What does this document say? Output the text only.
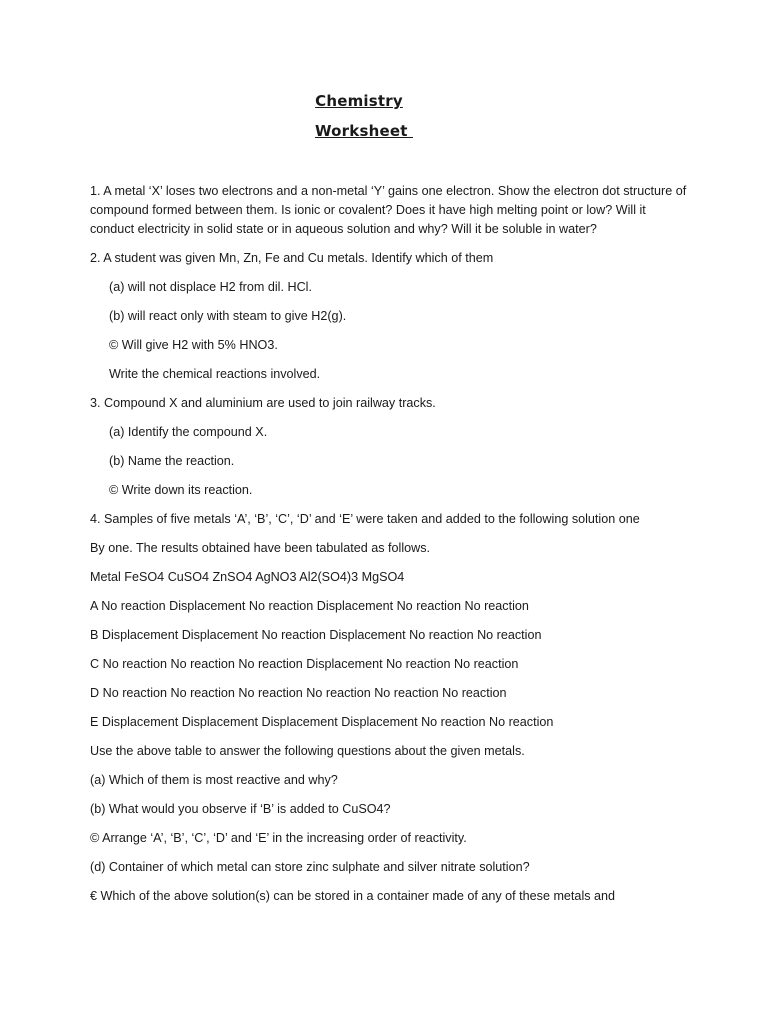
Chemistry
Worksheet

1. A metal ‘X’ loses two electrons and a non-metal ‘Y’ gains one electron. Show the electron dot structure of compound formed between them. Is ionic or covalent? Does it have high melting point or low? Will it conduct electricity in solid state or in aqueous solution and why? Will it be soluble in water?

2. A student was given Mn, Zn, Fe and Cu metals. Identify which of them
(a) will not displace H2 from dil. HCl.
(b) will react only with steam to give H2(g).
© Will give H2 with 5% HNO3.
Write the chemical reactions involved.
3. Compound X and aluminium are used to join railway tracks.
(a) Identify the compound X.
(b) Name the reaction.
© Write down its reaction.
4. Samples of five metals ‘A’, ‘B’, ‘C’, ‘D’ and ‘E’ were taken and added to the following solution one
By one. The results obtained have been tabulated as follows.
Metal FeSO4 CuSO4 ZnSO4 AgNO3 Al2(SO4)3 MgSO4
A No reaction Displacement No reaction Displacement No reaction No reaction
B Displacement Displacement No reaction Displacement No reaction No reaction
C No reaction No reaction No reaction Displacement No reaction No reaction
D No reaction No reaction No reaction No reaction No reaction No reaction
E Displacement Displacement Displacement Displacement No reaction No reaction
Use the above table to answer the following questions about the given metals.
(a) Which of them is most reactive and why?
(b) What would you observe if ‘B’ is added to CuSO4?
© Arrange ‘A’, ‘B’, ‘C’, ‘D’ and ‘E’ in the increasing order of reactivity.
(d) Container of which metal can store zinc sulphate and silver nitrate solution?
€ Which of the above solution(s) can be stored in a container made of any of these metals and
